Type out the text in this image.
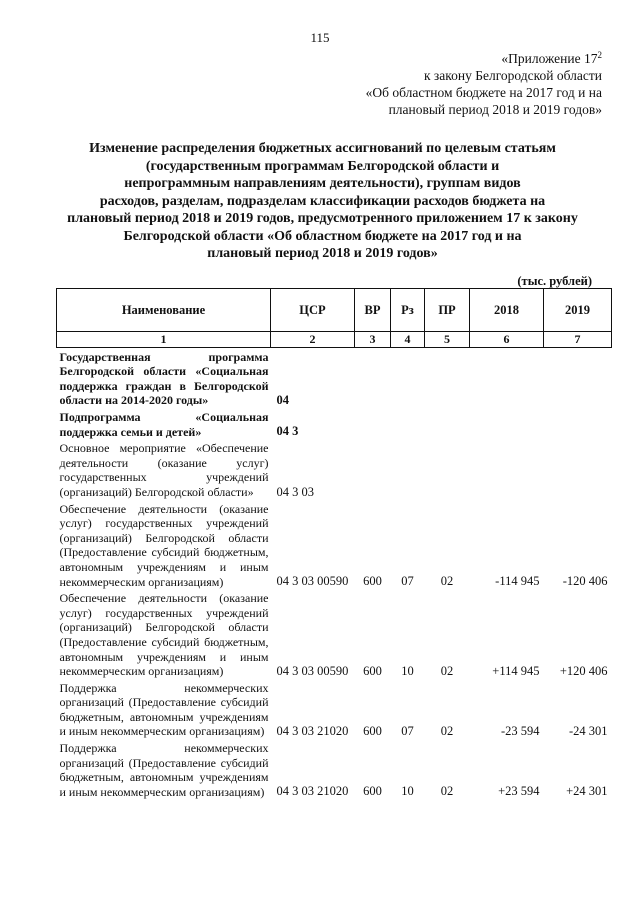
115
«Приложение $17^2$
к закону Белгородской области
«Об областном бюджете на 2017 год и на
плановый период 2018 и 2019 годов»
Изменение распределения бюджетных ассигнований по целевым статьям
(государственным программам Белгородской области и
непрограммным направлениям деятельности), группам видов
расходов, разделам, подразделам классификации расходов бюджета на
плановый период 2018 и 2019 годов, предусмотренного приложением 17 к закону
Белгородской области «Об областном бюджете на 2017 год и на
плановый период 2018 и 2019 годов»
(тыс. рублей)
Наименование	ЦСР	ВР	Рз	ПР	2018	2019
1	2	3	4	5	6	7
Государственная программа Белгородской области «Социальная поддержка граждан в Белгородской области на 2014-2020 годы»	04					
Подпрограмма «Социальная поддержка семьи и детей»	04 3					
Основное мероприятие «Обеспечение деятельности (оказание услуг) государственных учреждений (организаций) Белгородской области»	04 3 03					
Обеспечение деятельности (оказание услуг) государственных учреждений (организаций) Белгородской области (Предоставление субсидий бюджетным, автономным учреждениям и иным некоммерческим организациям)	04 3 03 00590	600	07	02	-114 945	-120 406
Обеспечение деятельности (оказание услуг) государственных учреждений (организаций) Белгородской области (Предоставление субсидий бюджетным, автономным учреждениям и иным некоммерческим организациям)	04 3 03 00590	600	10	02	+114 945	+120 406
Поддержка некоммерческих организаций (Предоставление субсидий бюджетным, автономным учреждениям и иным некоммерческим организациям)	04 3 03 21020	600	07	02	-23 594	-24 301
Поддержка некоммерческих организаций (Предоставление субсидий бюджетным, автономным учреждениям и иным некоммерческим организациям)	04 3 03 21020	600	10	02	+23 594	+24 301
